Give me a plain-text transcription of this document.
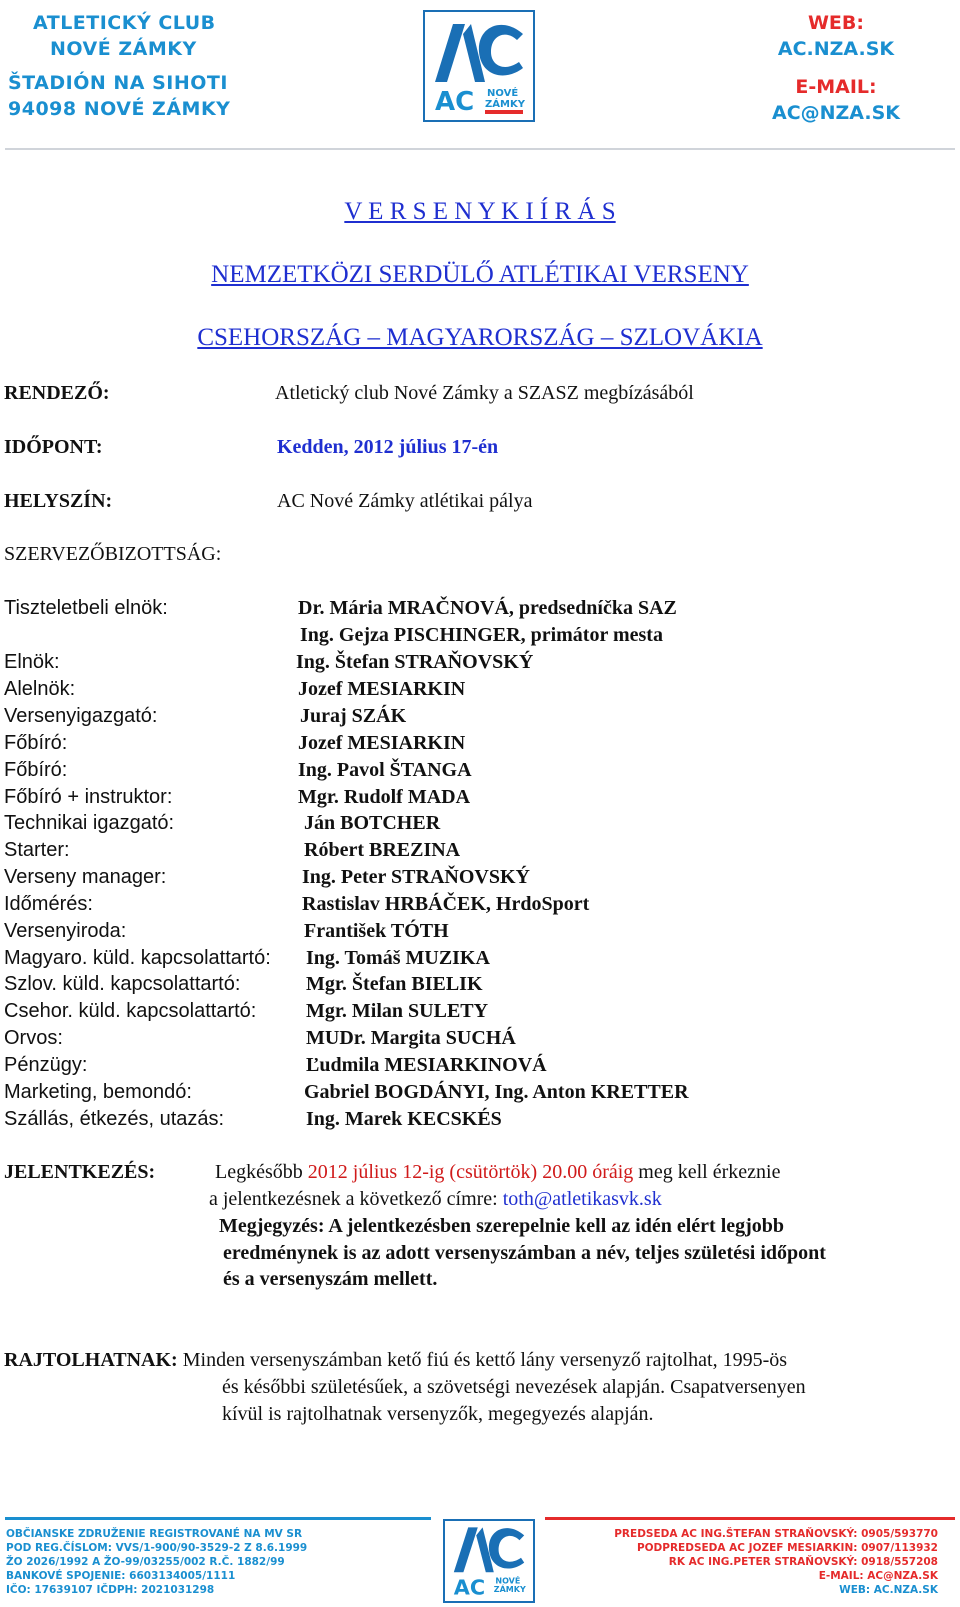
ATLETICKÝ CLUB
NOVÉ ZÁMKY
ŠTADIÓN NA SIHOTI
94098 NOVÉ ZÁMKY	AC NOVÉ
ZÁMKY
WEB:
AC.NZA.SK
E-MAIL:
AC@NZA.SK
V E R S E N Y K I Í R Á S
NEMZETKÖZI SERDÜLŐ ATLÉTIKAI VERSENY
CSEHORSZÁG – MAGYARORSZÁG – SZLOVÁKIA
RENDEZŐ:	Atletický club Nové Zámky a SZASZ megbízásából
IDŐPONT:	Kedden, 2012 július 17-én
HELYSZÍN:	AC Nové Zámky atlétikai pálya
SZERVEZŐBIZOTTSÁG:
Tiszteletbeli elnök:	Dr. Mária MRAČNOVÁ, predsedníčka SAZ
Ing. Gejza PISCHINGER, primátor mesta
Elnök:	Ing. Štefan STRAŇOVSKÝ
Alelnök:	Jozef MESIARKIN
Versenyigazgató:	Juraj SZÁK
Főbíró:	Jozef MESIARKIN
Főbíró:	Ing. Pavol ŠTANGA
Főbíró + instruktor:	Mgr. Rudolf MADA
Technikai igazgató:	Ján BOTCHER
Starter:	Róbert BREZINA
Verseny manager:	Ing. Peter STRAŇOVSKÝ
Időmérés:	Rastislav HRBÁČEK, HrdoSport
Versenyiroda:	František TÓTH
Magyaro. küld. kapcsolattartó: Ing. Tomáš MUZIKA
Szlov. küld. kapcsolattartó:	Mgr. Štefan BIELIK
Csehor. küld. kapcsolattartó: Mgr. Milan SULETY
Orvos:	MUDr. Margita SUCHÁ
Pénzügy:	Ľudmila MESIARKINOVÁ
Marketing, bemondó:	Gabriel BOGDÁNYI, Ing. Anton KRETTER
Szállás, étkezés, utazás:	Ing. Marek KECSKÉS
JELENTKEZÉS:	Legkésőbb 2012 július 12-ig (csütörtök) 20.00 óráig meg kell érkeznie
a jelentkezésnek a következő címre: toth@atletikasvk.sk
Megjegyzés: A jelentkezésben szerepelnie kell az idén elért legjobb
eredménynek is az adott versenyszámban a név, teljes születési időpont
és a versenyszám mellett.
RAJTOLHATNAK: Minden versenyszámban kető fiú és kettő lány versenyző rajtolhat, 1995-ös
és későbbi születésűek, a szövetségi nevezések alapján. Csapatversenyen
kívül is rajtolhatnak versenyzők, megegyezés alapján.
OBČIANSKE ZDRUŽENIE REGISTROVANÉ NA MV SR
POD REG.ČÍSLOM: VVS/1-900/90-3529-2 Z 8.6.1999
ŽO 2026/1992 A ŽO-99/03255/002 R.Č. 1882/99
BANKOVÉ SPOJENIE: 6603134005/1111
IČO: 17639107 IČDPH: 2021031298	AC NOVÉ
ZÁMKY
PREDSEDA AC ING.ŠTEFAN STRAŇOVSKÝ: 0905/593770
PODPREDSEDA AC JOZEF MESIARKIN: 0907/113932
RK AC ING.PETER STRAŇOVSKÝ: 0918/557208
E-MAIL: AC@NZA.SK
WEB: AC.NZA.SK
